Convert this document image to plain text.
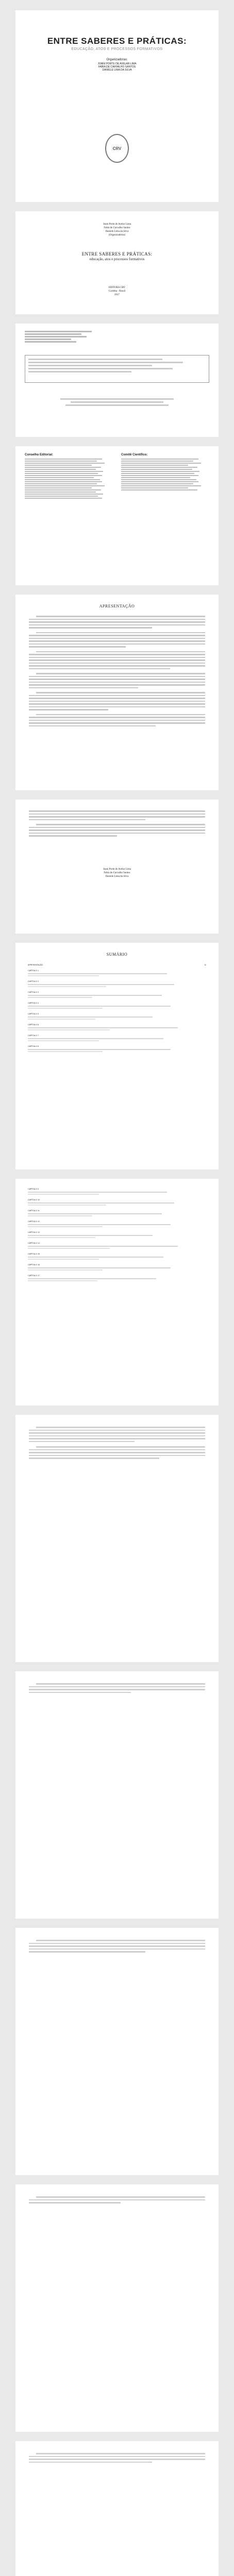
ENTRE SABERES E PRÁTICAS:
EDUCAÇÃO, ATOS E PROCESSOS FORMATIVOS
Organizadoras:
JOANI PORTE DE AVELAR LIMA
FABIA DE CARVALHO SANTOS
DANIELE LIMA DA SILVA
CRV
Joani Porte de Avelar Lima
Fabia de Carvalho Santos
Daniele Lima da Silva
(Organizadoras)
ENTRE SABERES E PRÁTICAS:
educação, atos e processos formativos
EDITORA CRV
Curitiba - Brasil
2017
Conselho Editorial:	Comitê Científico:
APRESENTAÇÃO
Joani Porte de Avelar Lima
Fabia de Carvalho Santos
Daniele Lima da Silva
SUMÁRIO
APRESENTAÇÃO	11
CAPÍTULO 1
CAPÍTULO 2
CAPÍTULO 3
CAPÍTULO 4
CAPÍTULO 5
CAPÍTULO 6
CAPÍTULO 7
CAPÍTULO 8
CAPÍTULO 9
CAPÍTULO 10
CAPÍTULO 11
CAPÍTULO 12
CAPÍTULO 13
CAPÍTULO 14
CAPÍTULO 15
CAPÍTULO 16
CAPÍTULO 17
